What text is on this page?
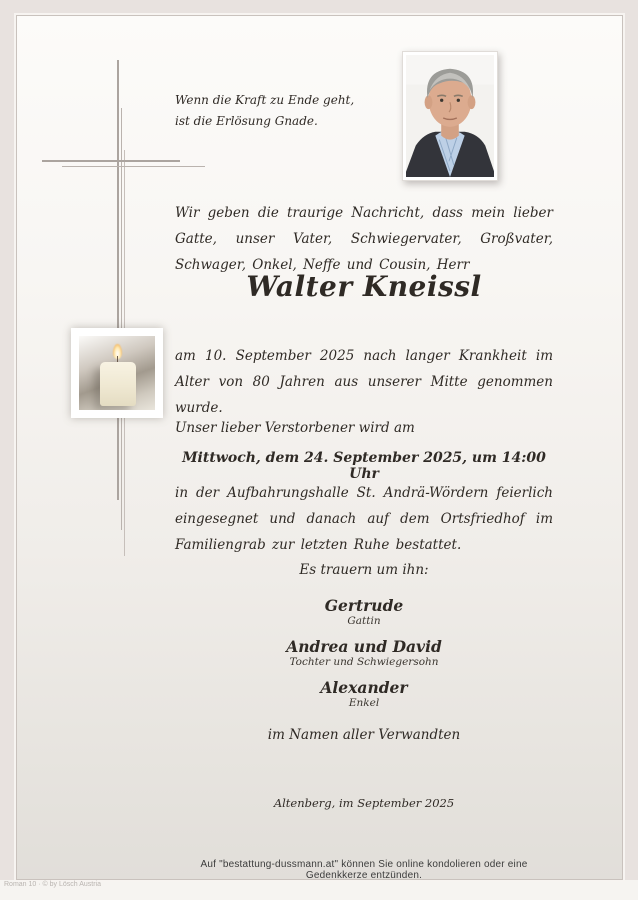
Wenn die Kraft zu Ende geht,
ist die Erlösung Gnade.
Wir geben die traurige Nachricht, dass mein lieber Gatte, unser Vater, Schwiegervater, Großvater, Schwager, Onkel, Neffe und Cousin, Herr
Walter Kneissl
am 10. September 2025 nach langer Krankheit im Alter von 80 Jahren aus unserer Mitte genommen wurde.
Unser lieber Verstorbener wird am
Mittwoch, dem 24. September 2025, um 14:00 Uhr
in der Aufbahrungshalle St. Andrä-Wördern feierlich eingesegnet und danach auf dem Ortsfriedhof im Familiengrab zur letzten Ruhe bestattet.
Es trauern um ihn:
Gertrude
Gattin
Andrea und David
Tochter und Schwiegersohn
Alexander
Enkel
im Namen aller Verwandten
Altenberg, im September 2025
Auf "bestattung-dussmann.at" können Sie online kondolieren oder eine Gedenkkerze entzünden.
Roman 10 · © by Lösch Austria
